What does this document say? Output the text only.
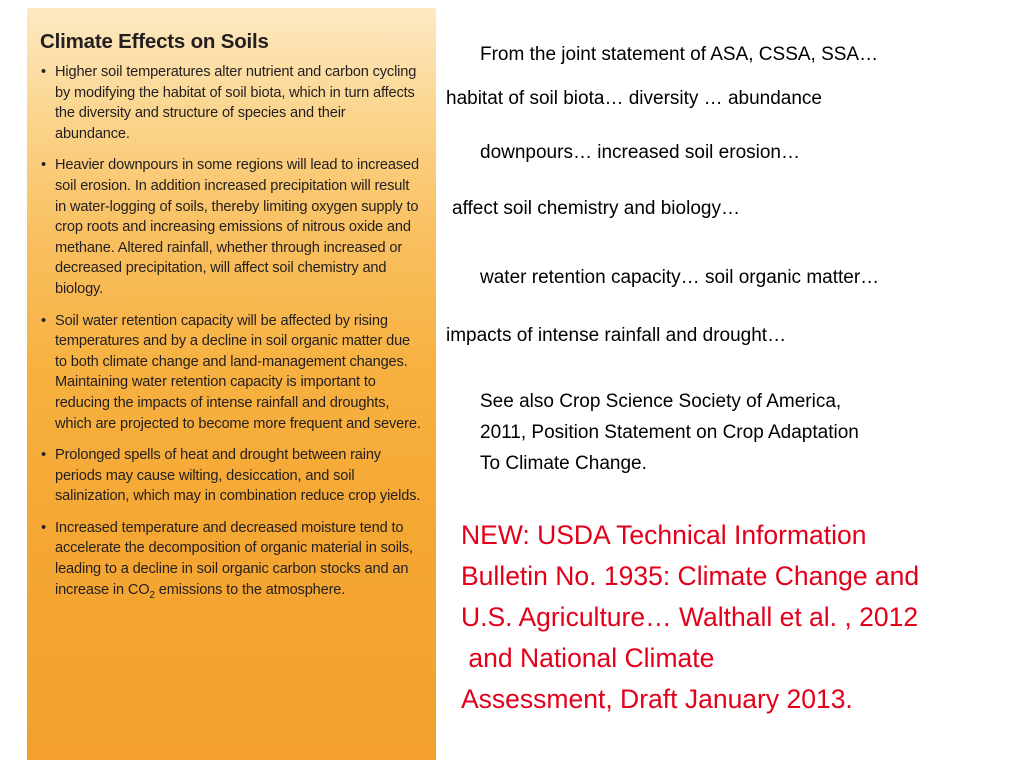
Climate Effects on Soils
• Higher soil temperatures alter nutrient and carbon cycling by modifying the habitat of soil biota, which in turn affects the diversity and structure of species and their abundance.
• Heavier downpours in some regions will lead to increased soil erosion. In addition increased precipitation will result in water-logging of soils, thereby limiting oxygen supply to crop roots and increasing emissions of nitrous oxide and methane. Altered rainfall, whether through increased or decreased precipitation, will affect soil chemistry and biology.
• Soil water retention capacity will be affected by rising temperatures and by a decline in soil organic matter due to both climate change and land-management changes. Maintaining water retention capacity is important to reducing the impacts of intense rainfall and droughts, which are projected to become more frequent and severe.
• Prolonged spells of heat and drought between rainy periods may cause wilting, desiccation, and soil salinization, which may in combination reduce crop yields.
• Increased temperature and decreased moisture tend to accelerate the decomposition of organic material in soils, leading to a decline in soil organic carbon stocks and an increase in $CO_2$ emissions to the atmosphere.
From the joint statement of ASA, CSSA, SSA…
habitat of soil biota… diversity … abundance
downpours… increased soil erosion…
affect soil chemistry and biology…
water retention capacity… soil organic matter…
impacts of intense rainfall and drought…
See also Crop Science Society of America,
2011, Position Statement on Crop Adaptation
To Climate Change.
NEW: USDA Technical Information
Bulletin No. 1935: Climate Change and
U.S. Agriculture… Walthall et al. , 2012
and National Climate
Assessment, Draft January 2013.
